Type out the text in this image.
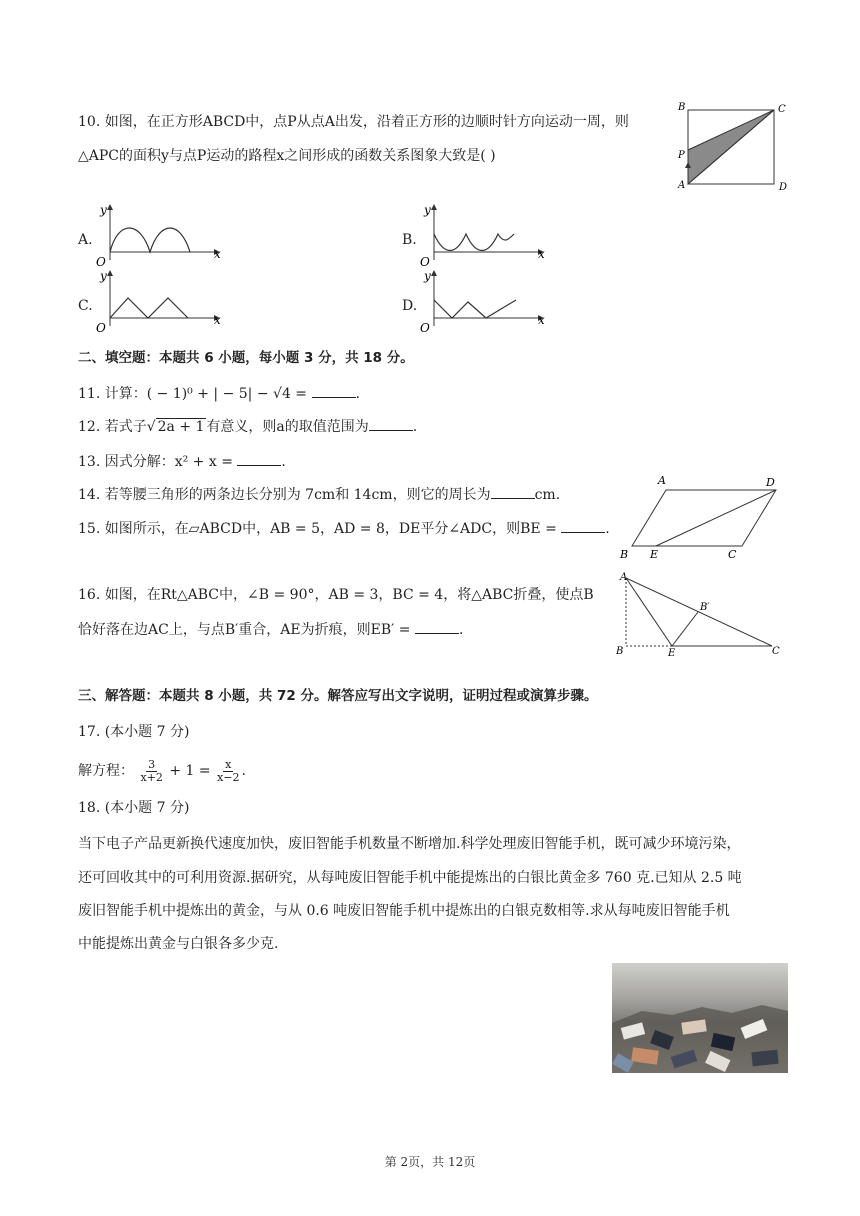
10. 如图，在正方形ABCD中，点P从点A出发，沿着正方形的边顺时针方向运动一周，则
△APC的面积y与点P运动的路程x之间形成的函数关系图象大致是( )
B	C
P
A	D
A.
y
x
O
B.
y
x
O
C.
y
x
O
D.
y
x
O
二、填空题：本题共 6 小题，每小题 3 分，共 18 分。
11. 计算：( − 1)⁰ + | − 5| − √4 =	.
12. 若式子√ 2a + 1 有意义，则a的取值范围为	.
13. 因式分解：x² + x =	.
14. 若等腰三角形的两条边长分别为 7cm和 14cm，则它的周长为	cm.
15. 如图所示，在▱ABCD中，AB = 5，AD = 8，DE平分∠ADC，则BE =	.
A	D
B E	C
16. 如图，在Rt△ABC中，∠B = 90°，AB = 3，BC = 4，将△ABC折叠，使点B
恰好落在边AC上，与点B′重合，AE为折痕，则EB′ =	.
A
B′
B	E	C
三、解答题：本题共 8 小题，共 72 分。解答应写出文字说明，证明过程或演算步骤。
17. (本小题 7 分)
解方程： $\frac{3}{x+2} + 1 = \frac{x}{x-2}$ .
18. (本小题 7 分)
当下电子产品更新换代速度加快，废旧智能手机数量不断增加.科学处理废旧智能手机，既可减少环境污染，
还可回收其中的可利用资源.据研究，从每吨废旧智能手机中能提炼出的白银比黄金多 760 克.已知从 2.5 吨
废旧智能手机中提炼出的黄金，与从 0.6 吨废旧智能手机中提炼出的白银克数相等.求从每吨废旧智能手机
中能提炼出黄金与白银各多少克.
第 2页，共 12页
